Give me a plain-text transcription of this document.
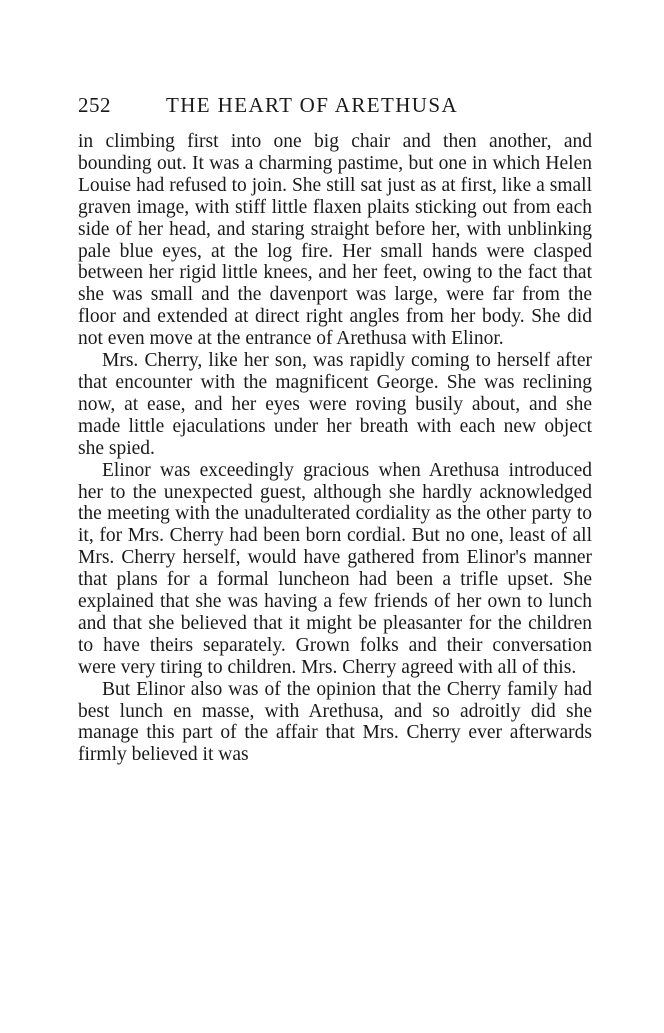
252	THE HEART OF ARETHUSA

in climbing first into one big chair and then another, and bounding out. It was a charming pastime, but one in which Helen Louise had refused to join. She still sat just as at first, like a small graven image, with stiff little flaxen plaits sticking out from each side of her head, and staring straight before her, with unblinking pale blue eyes, at the log fire. Her small hands were clasped between her rigid little knees, and her feet, owing to the fact that she was small and the davenport was large, were far from the floor and extended at direct right angles from her body. She did not even move at the entrance of Arethusa with Elinor.

Mrs. Cherry, like her son, was rapidly coming to herself after that encounter with the magnificent George. She was reclining now, at ease, and her eyes were roving busily about, and she made little ejaculations under her breath with each new object she spied.

Elinor was exceedingly gracious when Arethusa introduced her to the unexpected guest, although she hardly acknowledged the meeting with the unadulterated cordiality as the other party to it, for Mrs. Cherry had been born cordial. But no one, least of all Mrs. Cherry herself, would have gathered from Elinor's manner that plans for a formal luncheon had been a trifle upset. She explained that she was having a few friends of her own to lunch and that she believed that it might be pleasanter for the children to have theirs separately. Grown folks and their conversation were very tiring to children. Mrs. Cherry agreed with all of this.

But Elinor also was of the opinion that the Cherry family had best lunch en masse, with Arethusa, and so adroitly did she manage this part of the affair that Mrs. Cherry ever afterwards firmly believed it was
